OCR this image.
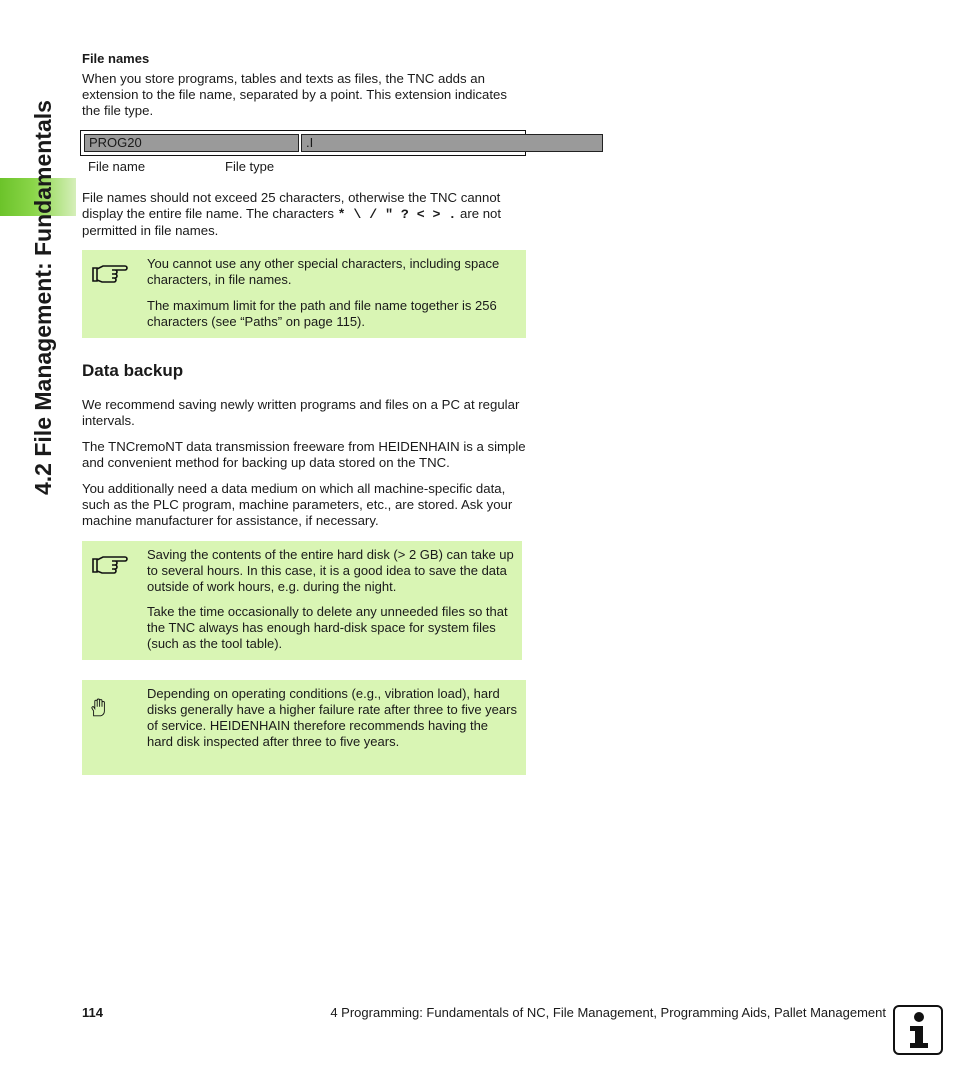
4.2 File Management: Fundamentals
File names

When you store programs, tables and texts as files, the TNC adds an extension to the file name, separated by a point. This extension indicates the file type.

PROG20	.I
File name	File type

File names should not exceed 25 characters, otherwise the TNC cannot display the entire file name. The characters * \ / " ? < > . are not permitted in file names.

You cannot use any other special characters, including space characters, in file names.

The maximum limit for the path and file name together is 256 characters (see “Paths” on page 115).

Data backup

We recommend saving newly written programs and files on a PC at regular intervals.

The TNCremoNT data transmission freeware from HEIDENHAIN is a simple and convenient method for backing up data stored on the TNC.

You additionally need a data medium on which all machine-specific data, such as the PLC program, machine parameters, etc., are stored. Ask your machine manufacturer for assistance, if necessary.

Saving the contents of the entire hard disk (> 2 GB) can take up to several hours. In this case, it is a good idea to save the data outside of work hours, e.g. during the night.

Take the time occasionally to delete any unneeded files so that the TNC always has enough hard-disk space for system files (such as the tool table).

Depending on operating conditions (e.g., vibration load), hard disks generally have a higher failure rate after three to five years of service. HEIDENHAIN therefore recommends having the hard disk inspected after three to five years.

114	4 Programming: Fundamentals of NC, File Management, Programming Aids, Pallet Management
